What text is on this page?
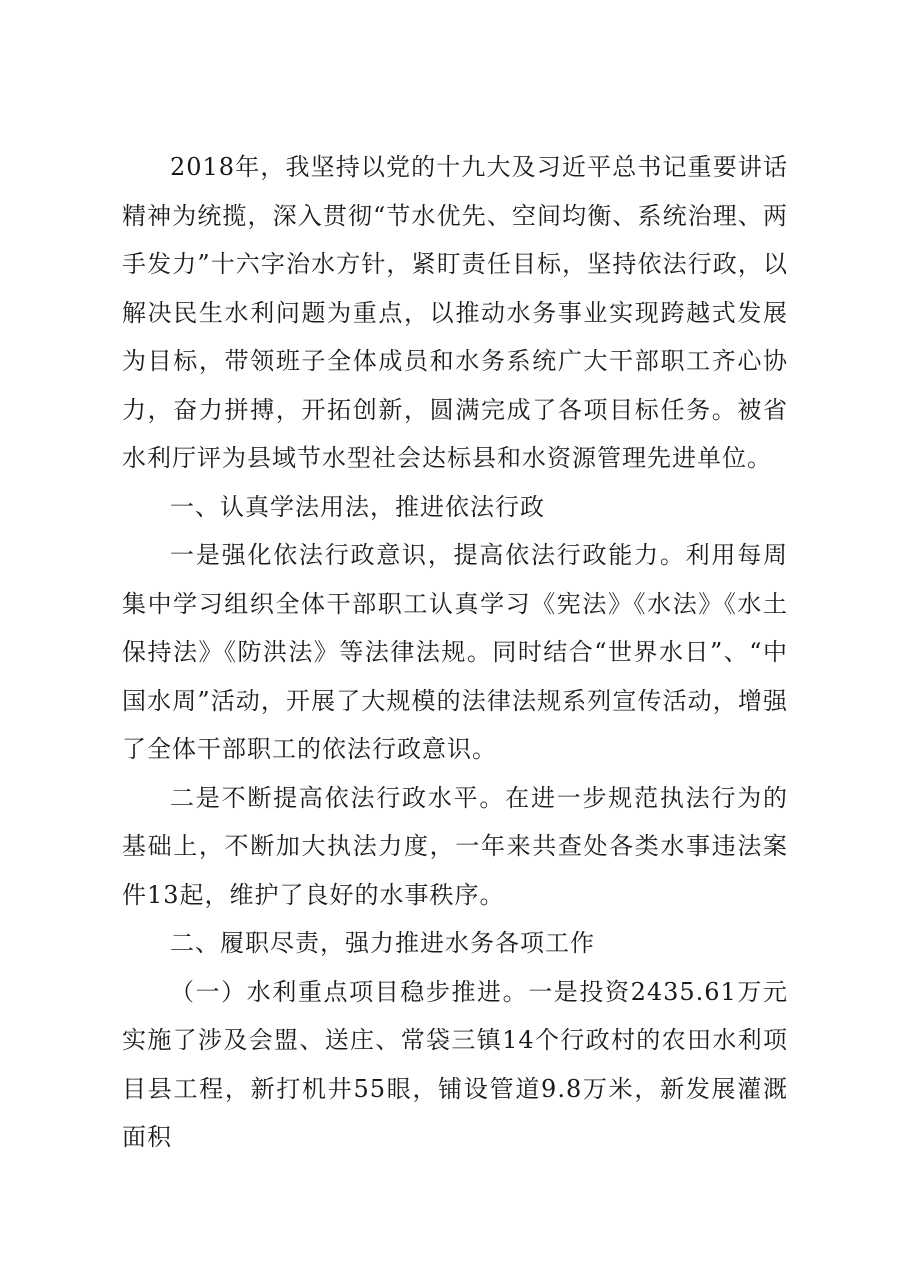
2018年，我坚持以党的十九大及习近平总书记重要讲话精神为统揽，深入贯彻“节水优先、空间均衡、系统治理、两手发力”十六字治水方针，紧盯责任目标，坚持依法行政，以解决民生水利问题为重点，以推动水务事业实现跨越式发展为目标，带领班子全体成员和水务系统广大干部职工齐心协力，奋力拼搏，开拓创新，圆满完成了各项目标任务。被省水利厅评为县域节水型社会达标县和水资源管理先进单位。

一、认真学法用法，推进依法行政

一是强化依法行政意识，提高依法行政能力。利用每周集中学习组织全体干部职工认真学习《宪法》《水法》《水土保持法》《防洪法》等法律法规。同时结合“世界水日”、“中国水周”活动，开展了大规模的法律法规系列宣传活动，增强了全体干部职工的依法行政意识。

二是不断提高依法行政水平。在进一步规范执法行为的基础上，不断加大执法力度，一年来共查处各类水事违法案件13起，维护了良好的水事秩序。

二、履职尽责，强力推进水务各项工作

（一）水利重点项目稳步推进。一是投资2435.61万元实施了涉及会盟、送庄、常袋三镇14个行政村的农田水利项目县工程，新打机井55眼，铺设管道9.8万米，新发展灌溉面积
